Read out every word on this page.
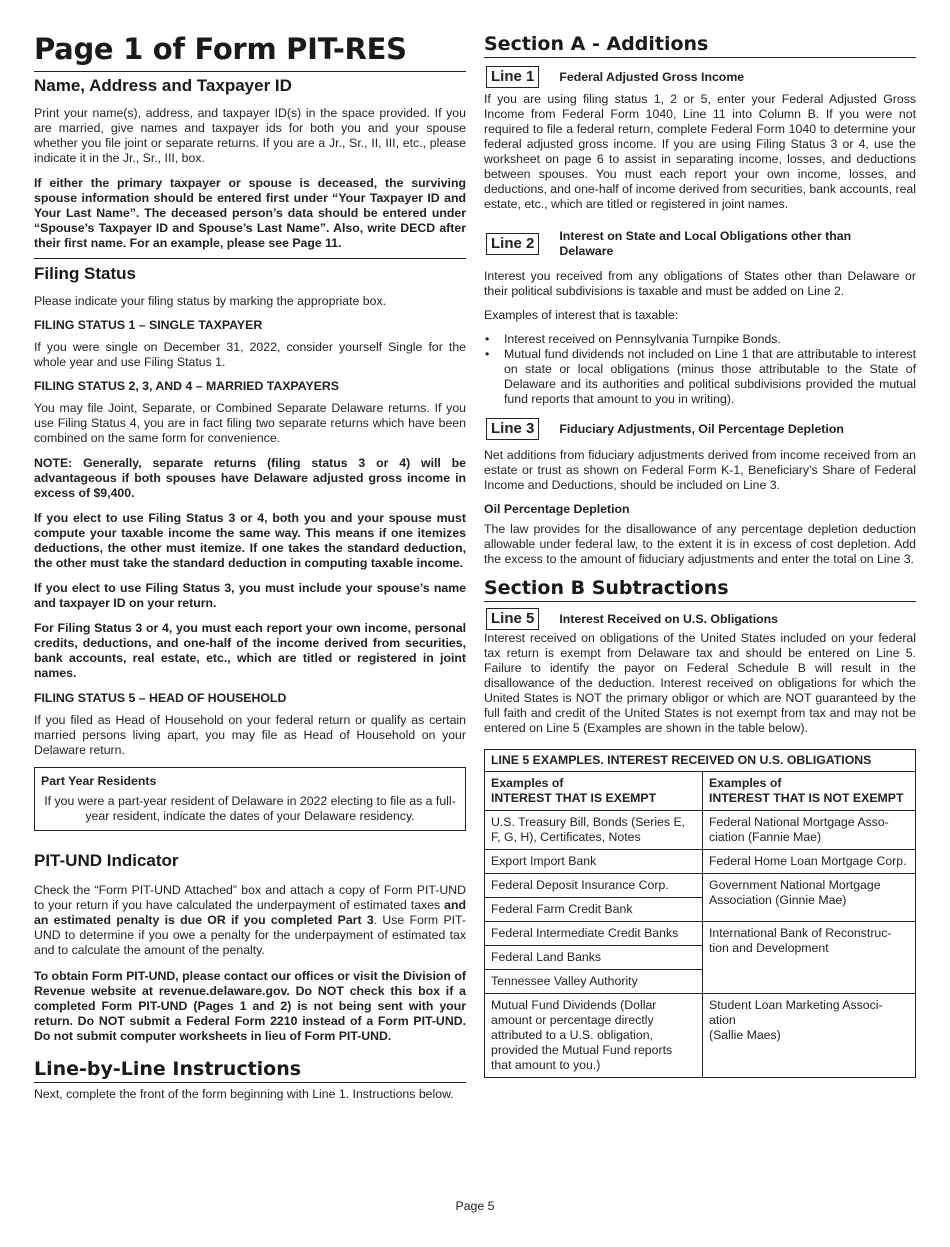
Page 1 of Form PIT-RES
Name, Address and Taxpayer ID

Print your name(s), address, and taxpayer ID(s) in the space provided. If you are married, give names and taxpayer ids for both you and your spouse whether you file joint or separate returns. If you are a Jr., Sr., II, III, etc., please indicate it in the Jr., Sr., III, box.

If either the primary taxpayer or spouse is deceased, the surviving spouse information should be entered first under “Your Taxpayer ID and Your Last Name”. The deceased person’s data should be entered under “Spouse’s Taxpayer ID and Spouse’s Last Name”. Also, write DECD after their first name. For an example, please see Page 11.

Filing Status

Please indicate your filing status by marking the appropriate box.

FILING STATUS 1 – SINGLE TAXPAYER

If you were single on December 31, 2022, consider yourself Single for the whole year and use Filing Status 1.

FILING STATUS 2, 3, AND 4 – MARRIED TAXPAYERS

You may file Joint, Separate, or Combined Separate Delaware returns. If you use Filing Status 4, you are in fact filing two separate returns which have been combined on the same form for convenience.

NOTE: Generally, separate returns (filing status 3 or 4) will be advantageous if both spouses have Delaware adjusted gross income in excess of $9,400.

If you elect to use Filing Status 3 or 4, both you and your spouse must compute your taxable income the same way. This means if one itemizes deductions, the other must itemize. If one takes the standard deduction, the other must take the standard deduction in computing taxable income.

If you elect to use Filing Status 3, you must include your spouse’s name and taxpayer ID on your return.

For Filing Status 3 or 4, you must each report your own income, personal credits, deductions, and one-half of the income derived from securities, bank accounts, real estate, etc., which are titled or registered in joint names.

FILING STATUS 5 – HEAD OF HOUSEHOLD

If you filed as Head of Household on your federal return or qualify as certain married persons living apart, you may file as Head of Household on your Delaware return.

Part Year Residents
If you were a part-year resident of Delaware in 2022 electing to file as a full-year resident, indicate the dates of your Delaware residency.
PIT-UND Indicator

Check the “Form PIT-UND Attached” box and attach a copy of Form PIT-UND to your return if you have calculated the underpayment of estimated taxes and an estimated penalty is due OR if you completed Part 3. Use Form PIT-UND to determine if you owe a penalty for the underpayment of estimated tax and to calculate the amount of the penalty.

To obtain Form PIT-UND, please contact our offices or visit the Division of Revenue website at revenue.delaware.gov. Do NOT check this box if a completed Form PIT-UND (Pages 1 and 2) is not being sent with your return. Do NOT submit a Federal Form 2210 instead of a Form PIT-UND. Do not submit computer worksheets in lieu of Form PIT-UND.

Line-by-Line Instructions

Next, complete the front of the form beginning with Line 1. Instructions below.

Section A - Additions
Line 1	Federal Adjusted Gross Income

If you are using filing status 1, 2 or 5, enter your Federal Adjusted Gross Income from Federal Form 1040, Line 11 into Column B. If you were not required to file a federal return, complete Federal Form 1040 to determine your federal adjusted gross income. If you are using Filing Status 3 or 4, use the worksheet on page 6 to assist in separating income, losses, and deductions between spouses. You must each report your own income, losses, and deductions, and one-half of income derived from securities, bank accounts, real estate, etc., which are titled or registered in joint names.

Line 2	Interest on State and Local Obligations other than Delaware

Interest you received from any obligations of States other than Delaware or their political subdivisions is taxable and must be added on Line 2.

Examples of interest that is taxable:

• Interest received on Pennsylvania Turnpike Bonds.
• Mutual fund dividends not included on Line 1 that are attributable to interest on state or local obligations (minus those attributable to the State of Delaware and its authorities and political subdivisions provided the mutual fund reports that amount to you in writing).
Line 3	Fiduciary Adjustments, Oil Percentage Depletion

Net additions from fiduciary adjustments derived from income received from an estate or trust as shown on Federal Form K-1, Beneficiary’s Share of Federal Income and Deductions, should be included on Line 3.

Oil Percentage Depletion

The law provides for the disallowance of any percentage depletion deduction allowable under federal law, to the extent it is in excess of cost depletion. Add the excess to the amount of fiduciary adjustments and enter the total on Line 3.

Section B Subtractions
Line 5	Interest Received on U.S. Obligations

Interest received on obligations of the United States included on your federal tax return is exempt from Delaware tax and should be entered on Line 5. Failure to identify the payor on Federal Schedule B will result in the disallowance of the deduction. Interest received on obligations for which the United States is NOT the primary obligor or which are NOT guaranteed by the full faith and credit of the United States is not exempt from tax and may not be entered on Line 5 (Examples are shown in the table below).

LINE 5 EXAMPLES. INTEREST RECEIVED ON U.S. OBLIGATIONS	
Examples of
INTEREST THAT IS EXEMPT	Examples of
INTEREST THAT IS NOT EXEMPT
U.S. Treasury Bill, Bonds (Series E, F, G, H), Certificates, Notes	Federal National Mortgage Asso-ciation (Fannie Mae)
Export Import Bank	Federal Home Loan Mortgage Corp.
Federal Deposit Insurance Corp.	Government National Mortgage Association (Ginnie Mae)
Federal Farm Credit Bank	
Federal Intermediate Credit Banks	International Bank of Reconstruc-tion and Development
Federal Land Banks	
Tennessee Valley Authority	
Mutual Fund Dividends (Dollar amount or percentage directly attributed to a U.S. obligation, provided the Mutual Fund reports that amount to you.)	Student Loan Marketing Associ-ation
(Sallie Maes)
Page 5
